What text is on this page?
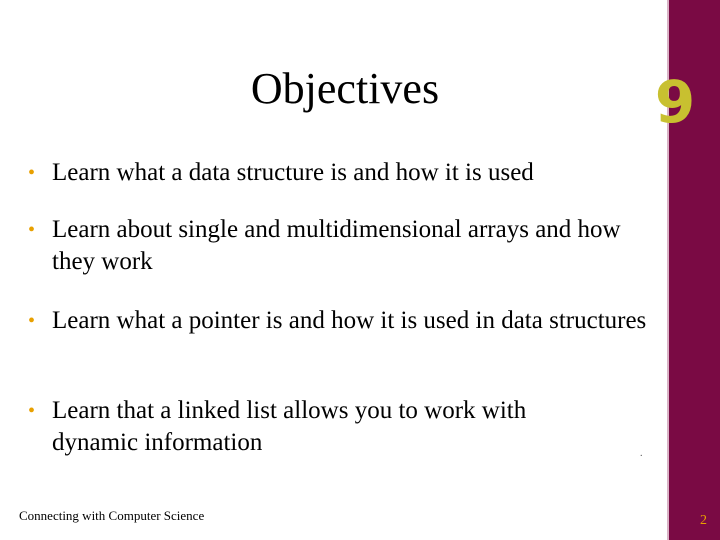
9
Objectives
• Learn what a data structure is and how it is used
• Learn about single and multidimensional arrays and how they work
• Learn what a pointer is and how it is used in data structures
• Learn that a linked list allows you to work with dynamic information	.
Connecting with Computer Science	2
